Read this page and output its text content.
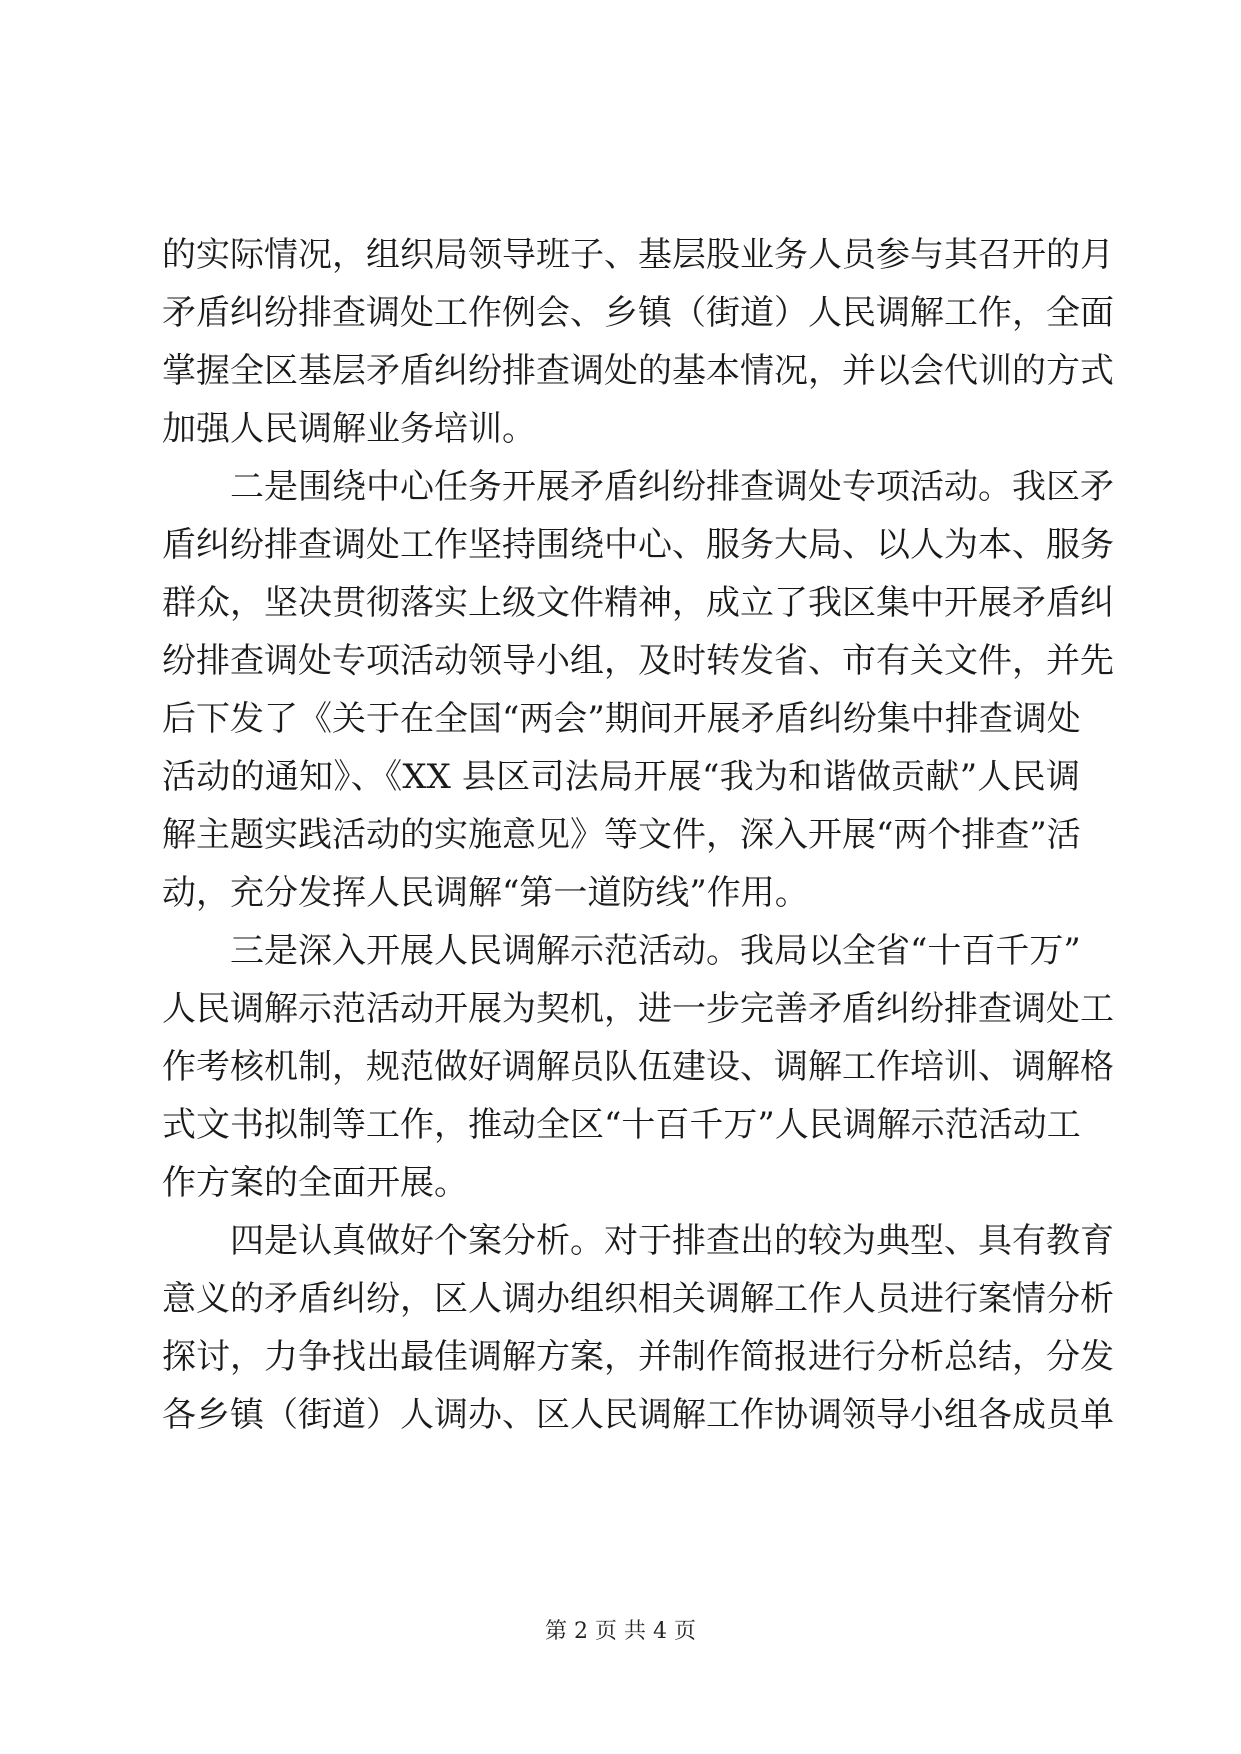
的实际情况，组织局领导班子、基层股业务人员参与其召开的月
矛盾纠纷排查调处工作例会、乡镇（街道）人民调解工作，全面
掌握全区基层矛盾纠纷排查调处的基本情况，并以会代训的方式
加强人民调解业务培训。
二是围绕中心任务开展矛盾纠纷排查调处专项活动。我区矛
盾纠纷排查调处工作坚持围绕中心、服务大局、以人为本、服务
群众，坚决贯彻落实上级文件精神，成立了我区集中开展矛盾纠
纷排查调处专项活动领导小组，及时转发省、市有关文件，并先
后下发了《关于在全国“两会”期间开展矛盾纠纷集中排查调处
活动的通知》、《XX 县区司法局开展“我为和谐做贡献”人民调
解主题实践活动的实施意见》等文件，深入开展“两个排查”活
动，充分发挥人民调解“第一道防线”作用。
三是深入开展人民调解示范活动。我局以全省“十百千万”
人民调解示范活动开展为契机，进一步完善矛盾纠纷排查调处工
作考核机制，规范做好调解员队伍建设、调解工作培训、调解格
式文书拟制等工作，推动全区“十百千万”人民调解示范活动工
作方案的全面开展。
四是认真做好个案分析。对于排查出的较为典型、具有教育
意义的矛盾纠纷，区人调办组织相关调解工作人员进行案情分析
探讨，力争找出最佳调解方案，并制作简报进行分析总结，分发
各乡镇（街道）人调办、区人民调解工作协调领导小组各成员单
第 2 页 共 4 页
